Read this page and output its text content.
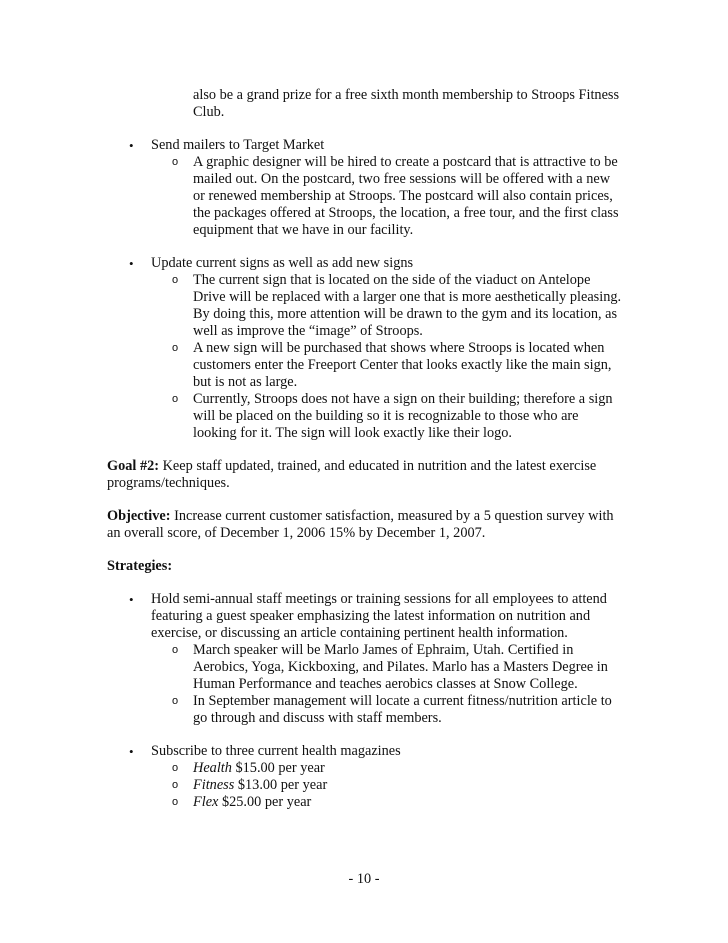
also be a grand prize for a free sixth month membership to Stroops Fitness
Club.
• Send mailers to Target Market
o A graphic designer will be hired to create a postcard that is attractive to be
mailed out. On the postcard, two free sessions will be offered with a new
or renewed membership at Stroops. The postcard will also contain prices,
the packages offered at Stroops, the location, a free tour, and the first class
equipment that we have in our facility.
• Update current signs as well as add new signs
o The current sign that is located on the side of the viaduct on Antelope
Drive will be replaced with a larger one that is more aesthetically pleasing.
By doing this, more attention will be drawn to the gym and its location, as
well as improve the “image” of Stroops.
o A new sign will be purchased that shows where Stroops is located when
customers enter the Freeport Center that looks exactly like the main sign,
but is not as large.
o Currently, Stroops does not have a sign on their building; therefore a sign
will be placed on the building so it is recognizable to those who are
looking for it. The sign will look exactly like their logo.
Goal #2: Keep staff updated, trained, and educated in nutrition and the latest exercise
programs/techniques.
Objective: Increase current customer satisfaction, measured by a 5 question survey with
an overall score, of December 1, 2006 15% by December 1, 2007.
Strategies:
• Hold semi-annual staff meetings or training sessions for all employees to attend
featuring a guest speaker emphasizing the latest information on nutrition and
exercise, or discussing an article containing pertinent health information.
o March speaker will be Marlo James of Ephraim, Utah. Certified in
Aerobics, Yoga, Kickboxing, and Pilates. Marlo has a Masters Degree in
Human Performance and teaches aerobics classes at Snow College.
o In September management will locate a current fitness/nutrition article to
go through and discuss with staff members.
• Subscribe to three current health magazines
o Health $15.00 per year
o Fitness $13.00 per year
o Flex $25.00 per year
- 10 -
